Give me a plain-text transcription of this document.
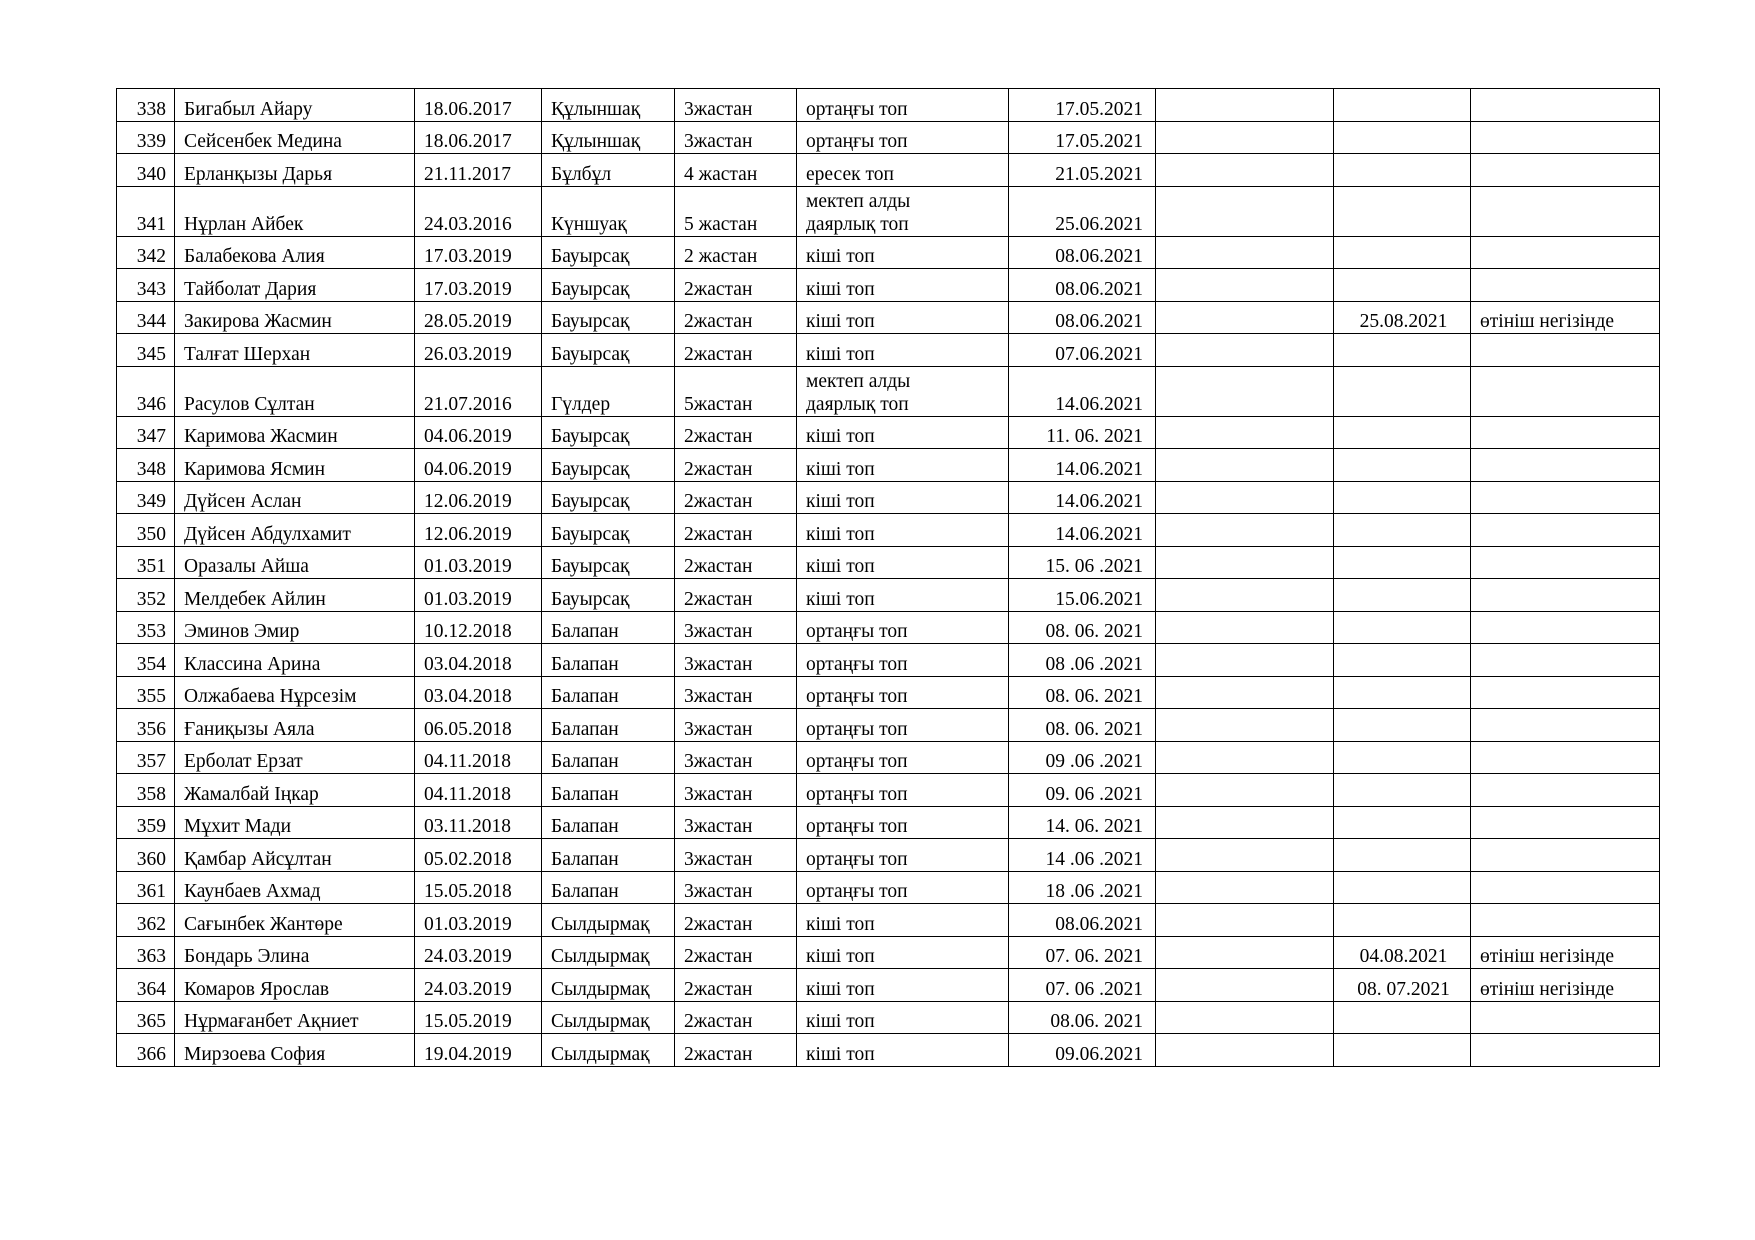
338	Бигабыл Айару	18.06.2017	Құлыншақ	3жастан	ортаңғы топ	17.05.2021			
339	Сейсенбек Медина	18.06.2017	Құлыншақ	3жастан	ортаңғы топ	17.05.2021			
340	Ерланқызы Дарья	21.11.2017	Бұлбұл	4 жастан	ересек топ	21.05.2021			
341	Нұрлан Айбек	24.03.2016	Күншуақ	5 жастан	мектеп алды
даярлық топ	25.06.2021			
342	Балабекова Алия	17.03.2019	Бауырсақ	2 жастан	кіші топ	08.06.2021			
343	Тайболат Дария	17.03.2019	Бауырсақ	2жастан	кіші топ	08.06.2021			
344	Закирова Жасмин	28.05.2019	Бауырсақ	2жастан	кіші топ	08.06.2021		25.08.2021	өтініш негізінде
345	Талғат Шерхан	26.03.2019	Бауырсақ	2жастан	кіші топ	07.06.2021			
346	Расулов Сұлтан	21.07.2016	Гүлдер	5жастан	мектеп алды
даярлық топ	14.06.2021			
347	Каримова Жасмин	04.06.2019	Бауырсақ	2жастан	кіші топ	11. 06. 2021			
348	Каримова Ясмин	04.06.2019	Бауырсақ	2жастан	кіші топ	14.06.2021			
349	Дүйсен Аслан	12.06.2019	Бауырсақ	2жастан	кіші топ	14.06.2021			
350	Дүйсен Абдулхамит	12.06.2019	Бауырсақ	2жастан	кіші топ	14.06.2021			
351	Оразалы Айша	01.03.2019	Бауырсақ	2жастан	кіші топ	15. 06 .2021			
352	Мелдебек Айлин	01.03.2019	Бауырсақ	2жастан	кіші топ	15.06.2021			
353	Эминов Эмир	10.12.2018	Балапан	3жастан	ортаңғы топ	08. 06. 2021			
354	Классина Арина	03.04.2018	Балапан	3жастан	ортаңғы топ	08 .06 .2021			
355	Олжабаева Нұрсезім	03.04.2018	Балапан	3жастан	ортаңғы топ	08. 06. 2021			
356	Ғаниқызы Аяла	06.05.2018	Балапан	3жастан	ортаңғы топ	08. 06. 2021			
357	Ерболат Ерзат	04.11.2018	Балапан	3жастан	ортаңғы топ	09 .06 .2021			
358	Жамалбай Іңкар	04.11.2018	Балапан	3жастан	ортаңғы топ	09. 06 .2021			
359	Мұхит Мади	03.11.2018	Балапан	3жастан	ортаңғы топ	14. 06. 2021			
360	Қамбар Айсұлтан	05.02.2018	Балапан	3жастан	ортаңғы топ	14 .06 .2021			
361	Каунбаев Ахмад	15.05.2018	Балапан	3жастан	ортаңғы топ	18 .06 .2021			
362	Сағынбек Жантөре	01.03.2019	Сылдырмақ	2жастан	кіші топ	08.06.2021			
363	Бондарь Элина	24.03.2019	Сылдырмақ	2жастан	кіші топ	07. 06. 2021		04.08.2021	өтініш негізінде
364	Комаров Ярослав	24.03.2019	Сылдырмақ	2жастан	кіші топ	07. 06 .2021		08. 07.2021	өтініш негізінде
365	Нұрмағанбет Ақниет	15.05.2019	Сылдырмақ	2жастан	кіші топ	08.06. 2021			
366	Мирзоева София	19.04.2019	Сылдырмақ	2жастан	кіші топ	09.06.2021			
